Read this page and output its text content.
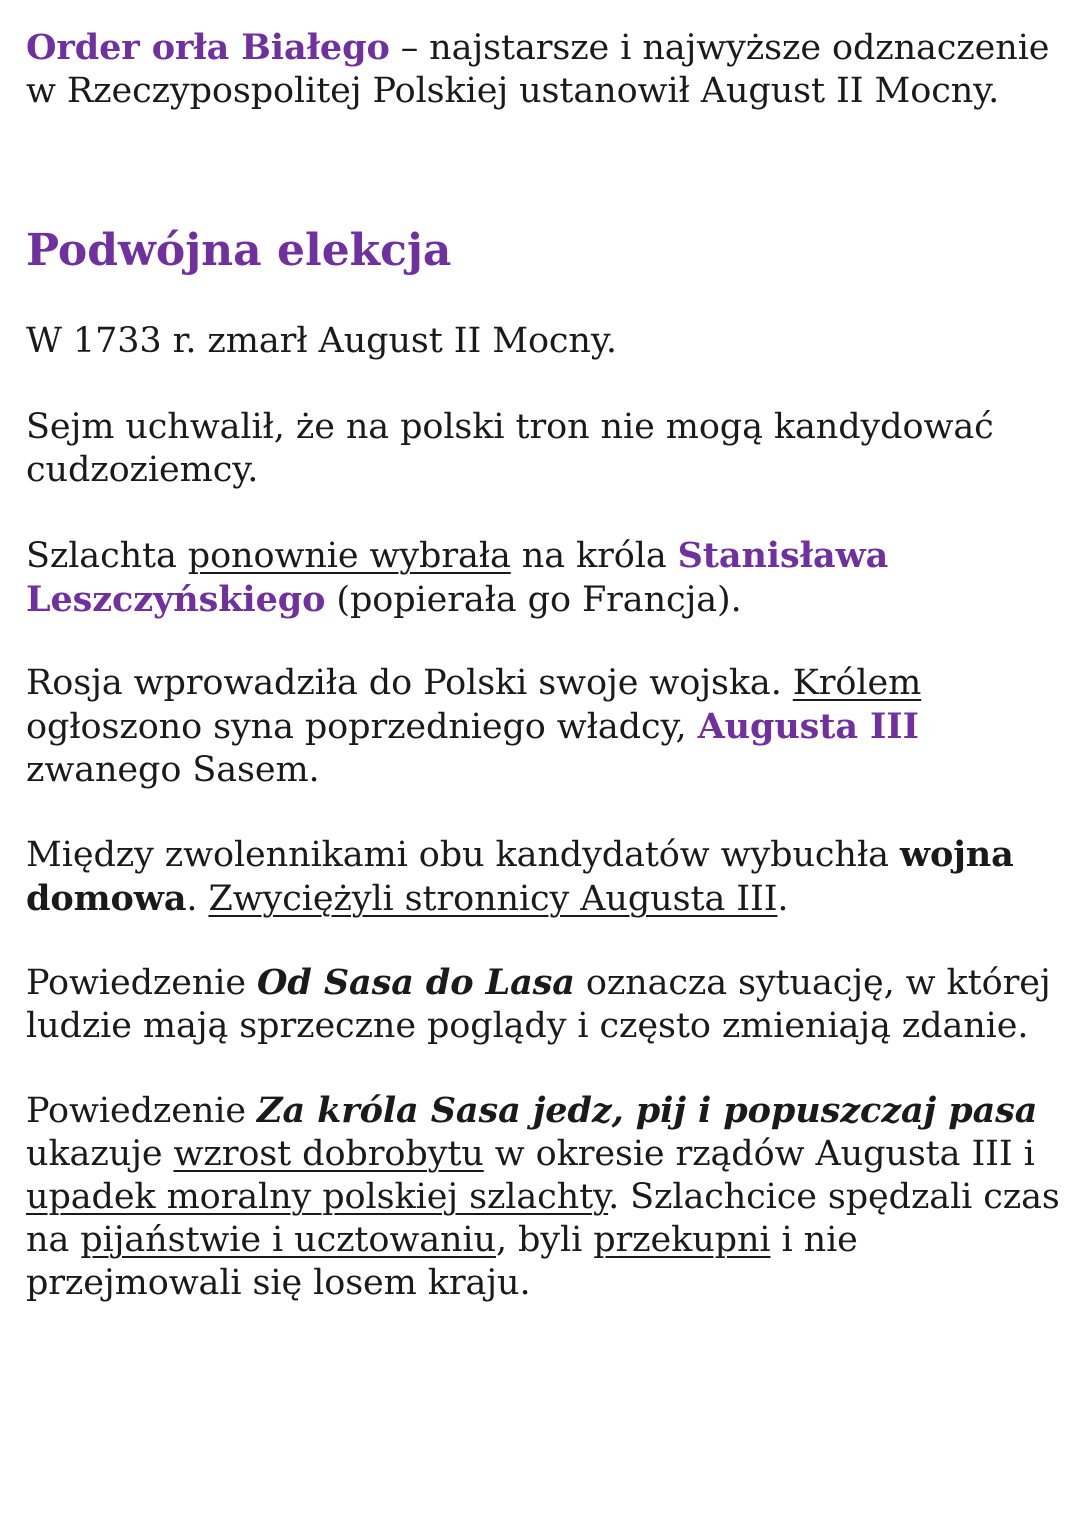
Order orła Białego – najstarsze i najwyższe odznaczenie w Rzeczypospolitej Polskiej ustanowił August II Mocny.

Podwójna elekcja

W 1733 r. zmarł August II Mocny.

Sejm uchwalił, że na polski tron nie mogą kandydować cudzoziemcy.

Szlachta ponownie wybrała na króla Stanisława Leszczyńskiego (popierała go Francja).

Rosja wprowadziła do Polski swoje wojska. Królem ogłoszono syna poprzedniego władcy, Augusta III zwanego Sasem.

Między zwolennikami obu kandydatów wybuchła wojna domowa. Zwyciężyli stronnicy Augusta III.

Powiedzenie Od Sasa do Lasa oznacza sytuację, w której ludzie mają sprzeczne poglądy i często zmieniają zdanie.

Powiedzenie Za króla Sasa jedz, pij i popuszczaj pasa ukazuje wzrost dobrobytu w okresie rządów Augusta III i upadek moralny polskiej szlachty. Szlachcice spędzali czas na pijaństwie i ucztowaniu, byli przekupni i nie przejmowali się losem kraju.
